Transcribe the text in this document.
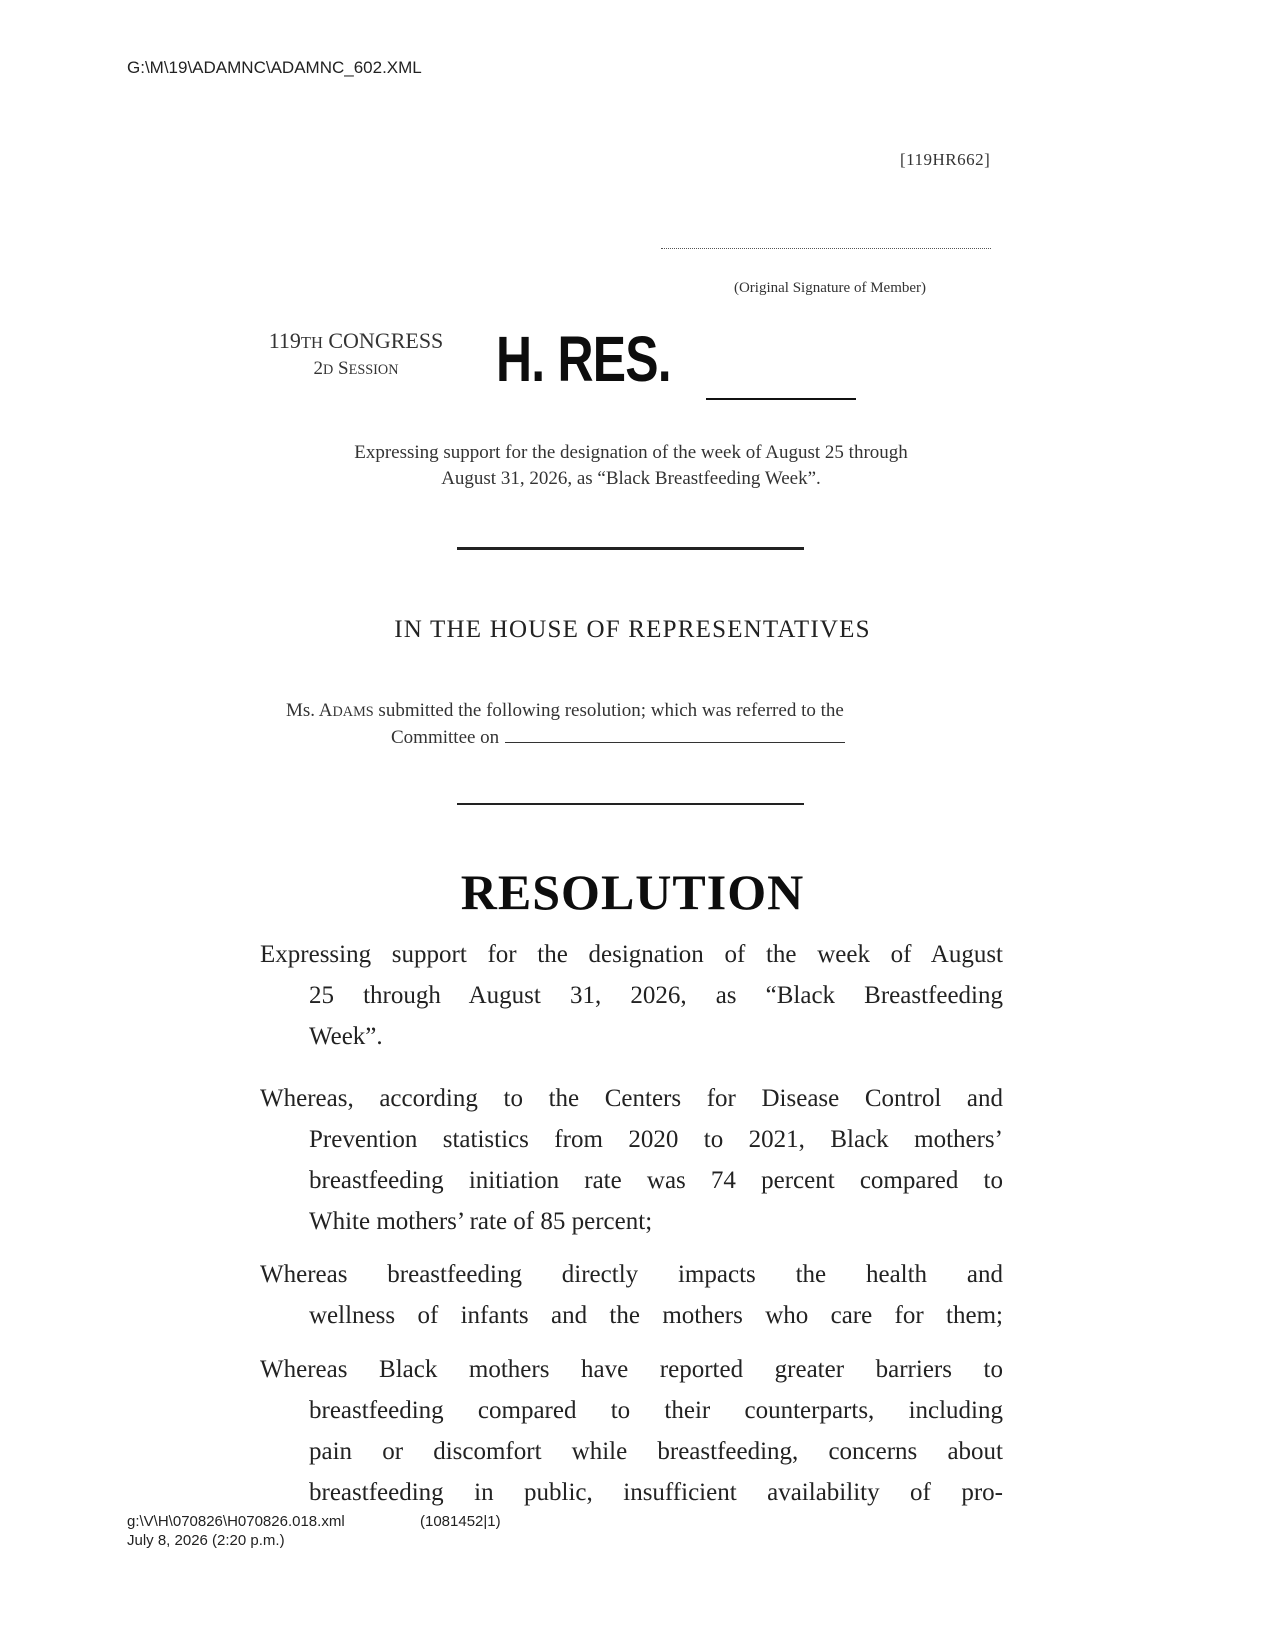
G:\M\19\ADAMNC\ADAMNC_602.XML
[119HR662]
(Original Signature of Member)
119TH CONGRESS
2D SESSION	H. RES.
Expressing support for the designation of the week of August 25 through
August 31, 2026, as “Black Breastfeeding Week”.
IN THE HOUSE OF REPRESENTATIVES
Ms. ADAMS submitted the following resolution; which was referred to the
Committee on
RESOLUTION
Expressing support for the designation of the week of August
25 through August 31, 2026, as “Black Breastfeeding
Week”.
Whereas, according to the Centers for Disease Control and
Prevention statistics from 2020 to 2021, Black mothers’
breastfeeding initiation rate was 74 percent compared to
White mothers’ rate of 85 percent;
Whereas breastfeeding directly impacts the health and
wellness of infants and the mothers who care for them;
Whereas Black mothers have reported greater barriers to
breastfeeding compared to their counterparts, including
pain or discomfort while breastfeeding, concerns about
breastfeeding in public, insufficient availability of pro-
g:\V\H\070826\H070826.018.xml
July 8, 2026 (2:20 p.m.)
(1081452|1)
